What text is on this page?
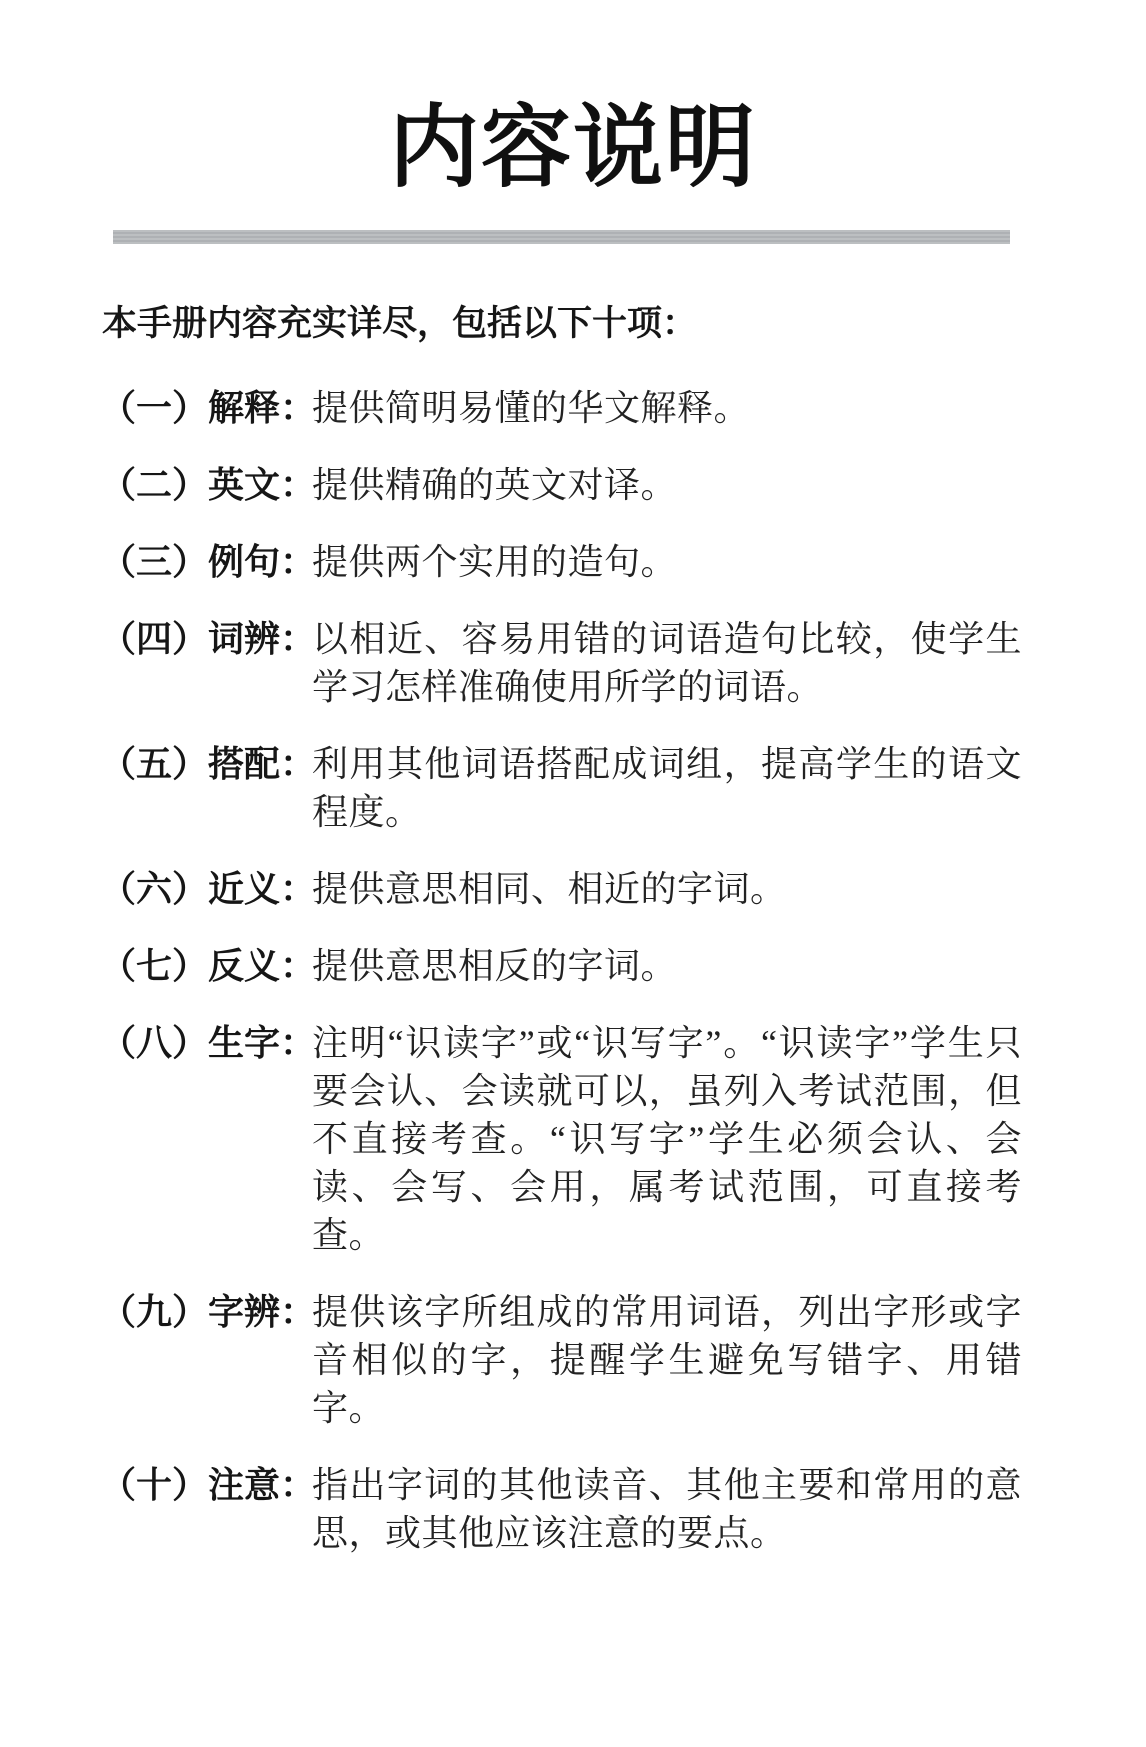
内容说明

本手册内容充实详尽，包括以下十项：

（一）解释：
提供简明易懂的华文解释。
（二）英文：
提供精确的英文对译。
（三）例句：
提供两个实用的造句。
（四）词辨：
以相近、容易用错的词语造句比较，使学生学习怎样准确使用所学的词语。
（五）搭配：
利用其他词语搭配成词组，提高学生的语文程度。
（六）近义：
提供意思相同、相近的字词。
（七）反义：
提供意思相反的字词。
（八）生字：
注明“识读字”或“识写字”。“识读字”学生只要会认、会读就可以，虽列入考试范围，但不直接考查。“识写字”学生必须会认、会读、会写、会用，属考试范围，可直接考查。
（九）字辨：
提供该字所组成的常用词语，列出字形或字音相似的字，提醒学生避免写错字、用错字。
（十）注意：
指出字词的其他读音、其他主要和常用的意思，或其他应该注意的要点。
